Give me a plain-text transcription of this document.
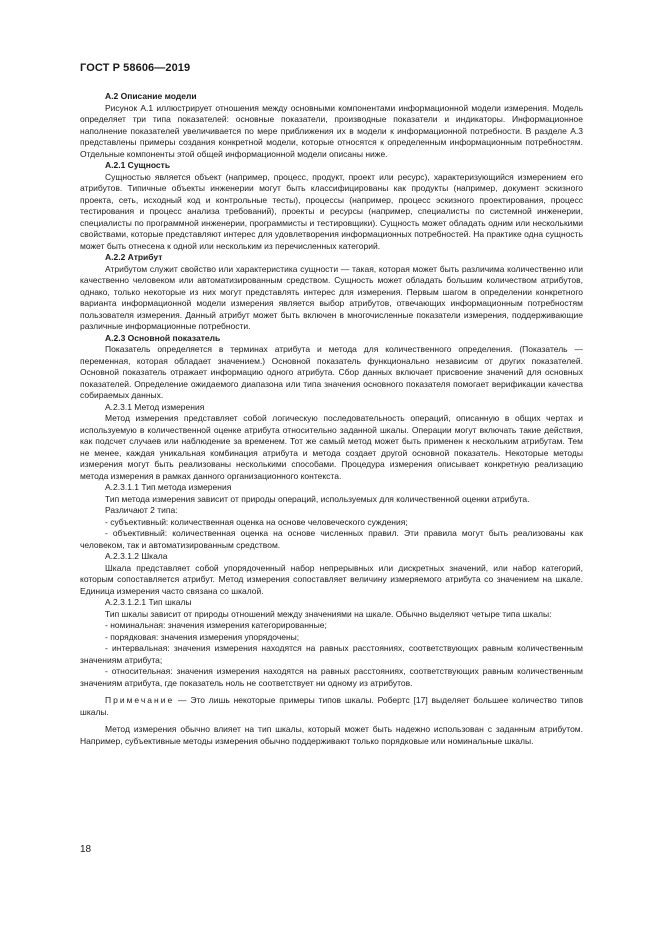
ГОСТ Р 58606—2019
А.2 Описание модели

Рисунок А.1 иллюстрирует отношения между основными компонентами информационной модели измерения. Модель определяет три типа показателей: основные показатели, производные показатели и индикаторы. Информационное наполнение показателей увеличивается по мере приближения их в модели к информационной потребности. В разделе А.3 представлены примеры создания конкретной модели, которые относятся к определенным информационным потребностям. Отдельные компоненты этой общей информационной модели описаны ниже.

А.2.1 Сущность

Сущностью является объект (например, процесс, продукт, проект или ресурс), характеризующийся измерением его атрибутов. Типичные объекты инженерии могут быть классифицированы как продукты (например, документ эскизного проекта, сеть, исходный код и контрольные тесты), процессы (например, процесс эскизного проектирования, процесс тестирования и процесс анализа требований), проекты и ресурсы (например, специалисты по системной инженерии, специалисты по программной инженерии, программисты и тестировщики). Сущность может обладать одним или несколькими свойствами, которые представляют интерес для удовлетворения информационных потребностей. На практике одна сущность может быть отнесена к одной или нескольким из перечисленных категорий.

А.2.2 Атрибут

Атрибутом служит свойство или характеристика сущности — такая, которая может быть различима количественно или качественно человеком или автоматизированным средством. Сущность может обладать большим количеством атрибутов, однако, только некоторые из них могут представлять интерес для измерения. Первым шагом в определении конкретного варианта информационной модели измерения является выбор атрибутов, отвечающих информационным потребностям пользователя измерения. Данный атрибут может быть включен в многочисленные показатели измерения, поддерживающие различные информационные потребности.

А.2.3 Основной показатель

Показатель определяется в терминах атрибута и метода для количественного определения. (Показатель — переменная, которая обладает значением.) Основной показатель функционально независим от других показателей. Основной показатель отражает информацию одного атрибута. Сбор данных включает присвоение значений для основных показателей. Определение ожидаемого диапазона или типа значения основного показателя помогает верификации качества собираемых данных.

А.2.3.1 Метод измерения

Метод измерения представляет собой логическую последовательность операций, описанную в общих чертах и используемую в количественной оценке атрибута относительно заданной шкалы. Операции могут включать такие действия, как подсчет случаев или наблюдение за временем. Тот же самый метод может быть применен к нескольким атрибутам. Тем не менее, каждая уникальная комбинация атрибута и метода создает другой основной показатель. Некоторые методы измерения могут быть реализованы несколькими способами. Процедура измерения описывает конкретную реализацию метода измерения в рамках данного организационного контекста.

А.2.3.1.1 Тип метода измерения

Тип метода измерения зависит от природы операций, используемых для количественной оценки атрибута.

Различают 2 типа:

- субъективный: количественная оценка на основе человеческого суждения;

- объективный: количественная оценка на основе численных правил. Эти правила могут быть реализованы как человеком, так и автоматизированным средством.

А.2.3.1.2 Шкала

Шкала представляет собой упорядоченный набор непрерывных или дискретных значений, или набор категорий, которым сопоставляется атрибут. Метод измерения сопоставляет величину измеряемого атрибута со значением на шкале. Единица измерения часто связана со шкалой.

А.2.3.1.2.1 Тип шкалы

Тип шкалы зависит от природы отношений между значениями на шкале. Обычно выделяют четыре типа шкалы:

- номинальная: значения измерения категорированные;

- порядковая: значения измерения упорядочены;

- интервальная: значения измерения находятся на равных расстояниях, соответствующих равным количественным значениям атрибута;

- относительная: значения измерения находятся на равных расстояниях, соответствующих равным количественным значениям атрибута, где показатель ноль не соответствует ни одному из атрибутов.

Примечание — Это лишь некоторые примеры типов шкалы. Робертс [17] выделяет большее количество типов шкалы.

Метод измерения обычно влияет на тип шкалы, который может быть надежно использован с заданным атрибутом. Например, субъективные методы измерения обычно поддерживают только порядковые или номинальные шкалы.

18
